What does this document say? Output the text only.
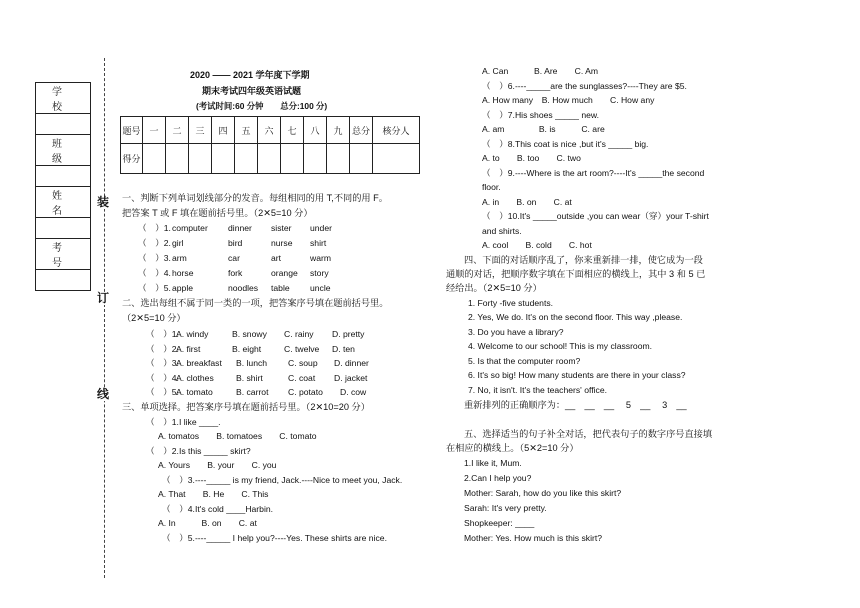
学　校

班　级

姓　名

考　号

装
订
线
2020 —— 2021 学年度下学期
期末考试四年级英语试题
(考试时间:60 分钟　　总分:100 分)
题号	一	二	三	四	五	六	七	八	九	总分	核分人
得分											
一、判断下列单词划线部分的发音。每组相同的用 T,不同的用 F。
把答案 T 或 F 填在题前括号里。（2✕5=10 分）
（　）1. computer dinner sister under
（　）2. girl	bird	nurse shirt
（　）3. arm	car	art	warm
（　）4. horse	fork	orange story
（　）5. apple	noodles table uncle
二、选出每组不属于同一类的一项，把答案序号填在题前括号里。
（2✕5=10 分）
（　）1.
A. windy	B. snowy C. rainy D. pretty
（　）2.
A. first	B. eight	C. twelve D. ten
（　）3.
A. breakfast B. lunch C. soup D. dinner
（　）4.
A. clothes	B. shirt	C. coat D. jacket
（　）5.
A. tomato	B. carrot C. potato D. cow
三、单项选择。把答案序号填在题前括号里。（2✕10=20 分）
（　）1.I like ____.
A. tomatos　　B. tomatoes　　C. tomato
（　）2.Is this _____ skirt?
A. Yours　　B. your　　C. you
（　）3.----_____ is my friend, Jack.----Nice to meet you, Jack.
A. That　　B. He　　C. This
（　）4.It's cold ____Harbin.
A. In　　　B. on　　C. at
（　）5.----_____ I help you?----Yes. These shirts are nice.
A. Can　　　B. Are　　C. Am
（　）6.----_____are the sunglasses?----They are $5.
A. How many　B. How much　　C. How any
（　）7.His shoes _____ new.
A. am　　　　B. is　　　C. are
（　）8.This coat is nice ,but it's _____ big.
A. to　　B. too　　C. two
（　）9.----Where is the art room?----It's _____the second
floor.
A. in　　B. on　　C. at
（　）10.It's _____outside ,you can wear（穿）your T-shirt
and shirts.
A. cool　　B. cold　　C. hot
四、下面的对话顺序乱了，你来重新排一排，使它成为一段
通顺的对话，把顺序数字填在下面相应的横线上，其中 3 和 5 已
经给出。（2✕5=10 分）
1. Forty -five students.
2. Yes, We do. It's on the second floor. This way ,please.
3. Do you have a library?
4. Welcome to our school! This is my classroom.
5. Is that the computer room?
6. It's so big! How many students are there in your class?
7. No, it isn't. It's the teachers' office.
重新排列的正确顺序为：__　__　__　 5　__　 3　__
五、选择适当的句子补全对话，把代表句子的数字序号直接填
在相应的横线上。（5✕2=10 分）
1.I like it, Mum.
2.Can I help you?
Mother: Sarah, how do you like this skirt?
Sarah: It's very pretty.
Shopkeeper: ____
Mother: Yes. How much is this skirt?
